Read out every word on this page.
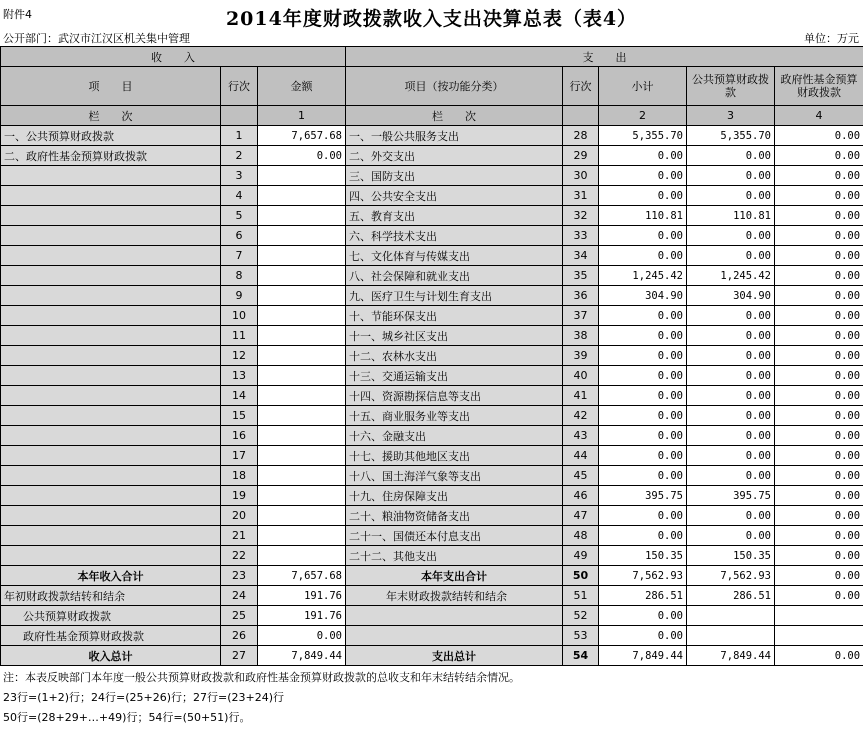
附件4	2014年度财政拨款收入支出决算总表（表4）
公开部门：武汉市江汉区机关集中管理	单位：万元
收　　入			支　　出				
项　　目	行次	金额	项目（按功能分类）	行次	小计	公共预算财政拨款	政府性基金预算财政拨款
栏　　次		1	栏　　次		2	3	4
一、公共预算财政拨款	1	7,657.68	一、一般公共服务支出	28	5,355.70	5,355.70	0.00
二、政府性基金预算财政拨款	2	0.00	二、外交支出	29	0.00	0.00	0.00
	3		三、国防支出	30	0.00	0.00	0.00
	4		四、公共安全支出	31	0.00	0.00	0.00
	5		五、教育支出	32	110.81	110.81	0.00
	6		六、科学技术支出	33	0.00	0.00	0.00
	7		七、文化体育与传媒支出	34	0.00	0.00	0.00
	8		八、社会保障和就业支出	35	1,245.42	1,245.42	0.00
	9		九、医疗卫生与计划生育支出	36	304.90	304.90	0.00
	10		十、节能环保支出	37	0.00	0.00	0.00
	11		十一、城乡社区支出	38	0.00	0.00	0.00
	12		十二、农林水支出	39	0.00	0.00	0.00
	13		十三、交通运输支出	40	0.00	0.00	0.00
	14		十四、资源勘探信息等支出	41	0.00	0.00	0.00
	15		十五、商业服务业等支出	42	0.00	0.00	0.00
	16		十六、金融支出	43	0.00	0.00	0.00
	17		十七、援助其他地区支出	44	0.00	0.00	0.00
	18		十八、国土海洋气象等支出	45	0.00	0.00	0.00
	19		十九、住房保障支出	46	395.75	395.75	0.00
	20		二十、粮油物资储备支出	47	0.00	0.00	0.00
	21		二十一、国债还本付息支出	48	0.00	0.00	0.00
	22		二十二、其他支出	49	150.35	150.35	0.00
本年收入合计	23	7,657.68	本年支出合计	50	7,562.93	7,562.93	0.00
年初财政拨款结转和结余	24	191.76	年末财政拨款结转和结余	51	286.51	286.51	0.00
公共预算财政拨款	25	191.76		52	0.00		
政府性基金预算财政拨款	26	0.00		53	0.00		
收入总计	27	7,849.44	支出总计	54	7,849.44	7,849.44	0.00
注：本表反映部门本年度一般公共预算财政拨款和政府性基金预算财政拨款的总收支和年末结转结余情况。
23行=(1+2)行；24行=(25+26)行；27行=(23+24)行
50行=(28+29+…+49)行；54行=(50+51)行。
